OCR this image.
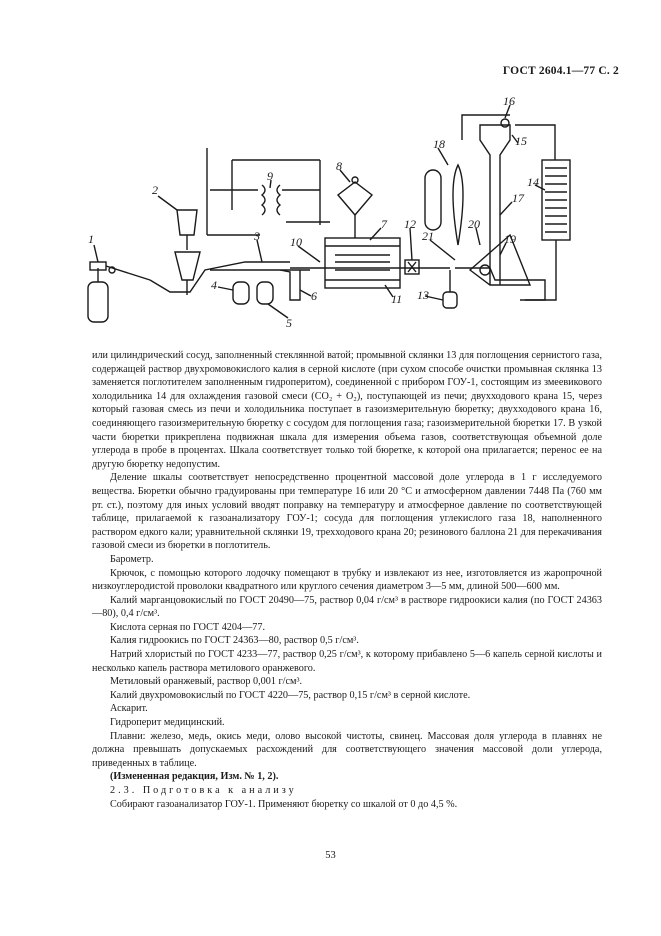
ГОСТ 2604.1—77 С. 2
1
2
3
4
5
6
7
8
9
10
11
12
13
14
15
16
17
18
19
20
21

или цилиндрический сосуд, заполненный стеклянной ватой; промывной склянки 13 для поглощения сернистого газа, содержащей раствор двухромовокислого калия в серной кислоте (при сухом способе очистки промывная склянка 13 заменяется поглотителем заполненным гидроперитом), соединенной с прибором ГОУ-1, состоящим из змеевикового холодильника 14 для охлаждения газовой смеси (CO₂ + O₂), поступающей из печи; двухходового крана 15, через который газовая смесь из печи и холодильника поступает в газоизмерительную бюретку; двухходового крана 16, соединяющего газоизмерительную бюретку с сосудом для поглощения газа; газоизмерительной бюретки 17. В узкой части бюретки прикреплена подвижная шкала для измерения объема газов, соответствующая объемной доле углерода в пробе в процентах. Шкала соответствует только той бюретке, к которой она прилагается; перенос ее на другую бюретку недопустим.

Деление шкалы соответствует непосредственно процентной массовой доле углерода в 1 г исследуемого вещества. Бюретки обычно градуированы при температуре 16 или 20 °С и атмосферном давлении 7448 Па (760 мм рт. ст.), поэтому для иных условий вводят поправку на температуру и атмосферное давление по соответствующей таблице, прилагаемой к газоанализатору ГОУ-1; сосуда для поглощения углекислого газа 18, наполненного раствором едкого кали; уравнительной склянки 19, трехходового крана 20; резинового баллона 21 для перекачивания газовой смеси из бюретки в поглотитель.

Барометр.

Крючок, с помощью которого лодочку помещают в трубку и извлекают из нее, изготовляется из жаропрочной низкоуглеродистой проволоки квадратного или круглого сечения диаметром 3—5 мм, длиной 500—600 мм.

Калий марганцовокислый по ГОСТ 20490—75, раствор 0,04 г/см³ в растворе гидроокиси калия (по ГОСТ 24363—80), 0,4 г/см³.

Кислота серная по ГОСТ 4204—77.

Калия гидроокись по ГОСТ 24363—80, раствор 0,5 г/см³.

Натрий хлористый по ГОСТ 4233—77, раствор 0,25 г/см³, к которому прибавлено 5—6 капель серной кислоты и несколько капель раствора метилового оранжевого.

Метиловый оранжевый, раствор 0,001 г/см³.

Калий двухромовокислый по ГОСТ 4220—75, раствор 0,15 г/см³ в серной кислоте.

Аскарит.

Гидроперит медицинский.

Плавни: железо, медь, окись меди, олово высокой чистоты, свинец. Массовая доля углерода в плавнях не должна превышать допускаемых расхождений для соответствующего значения массовой доли углерода, приведенных в таблице.

(Измененная редакция, Изм. № 1, 2).

2.3. Подготовка к анализу

Собирают газоанализатор ГОУ-1. Применяют бюретку со шкалой от 0 до 4,5 %.

53
